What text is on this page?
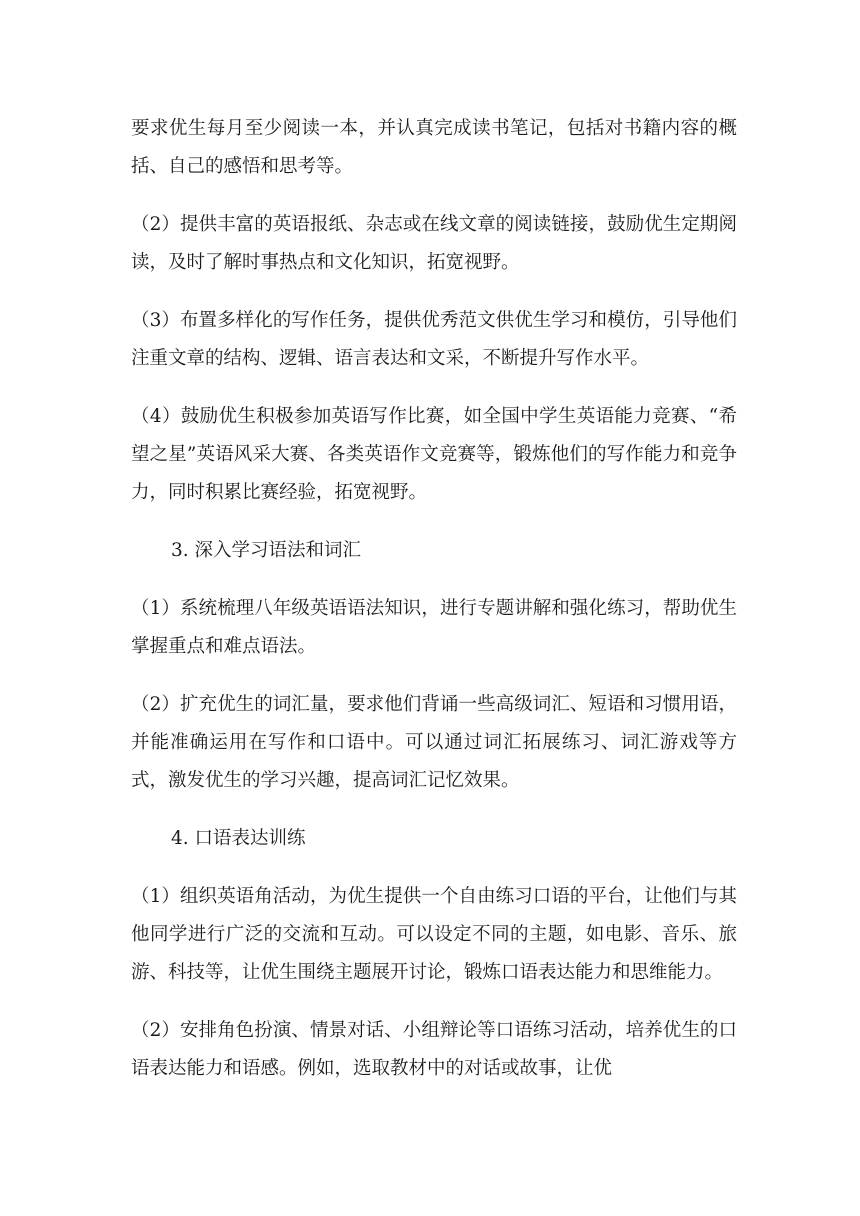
要求优生每月至少阅读一本，并认真完成读书笔记，包括对书籍内容的概括、自己的感悟和思考等。

（2）提供丰富的英语报纸、杂志或在线文章的阅读链接，鼓励优生定期阅读，及时了解时事热点和文化知识，拓宽视野。

（3）布置多样化的写作任务，提供优秀范文供优生学习和模仿，引导他们注重文章的结构、逻辑、语言表达和文采，不断提升写作水平。

（4）鼓励优生积极参加英语写作比赛，如全国中学生英语能力竞赛、“希望之星”英语风采大赛、各类英语作文竞赛等，锻炼他们的写作能力和竞争力，同时积累比赛经验，拓宽视野。

3. 深入学习语法和词汇

（1）系统梳理八年级英语语法知识，进行专题讲解和强化练习，帮助优生掌握重点和难点语法。

（2）扩充优生的词汇量，要求他们背诵一些高级词汇、短语和习惯用语，并能准确运用在写作和口语中。可以通过词汇拓展练习、词汇游戏等方式，激发优生的学习兴趣，提高词汇记忆效果。

4. 口语表达训练

（1）组织英语角活动，为优生提供一个自由练习口语的平台，让他们与其他同学进行广泛的交流和互动。可以设定不同的主题，如电影、音乐、旅游、科技等，让优生围绕主题展开讨论，锻炼口语表达能力和思维能力。

（2）安排角色扮演、情景对话、小组辩论等口语练习活动，培养优生的口语表达能力和语感。例如，选取教材中的对话或故事，让优
